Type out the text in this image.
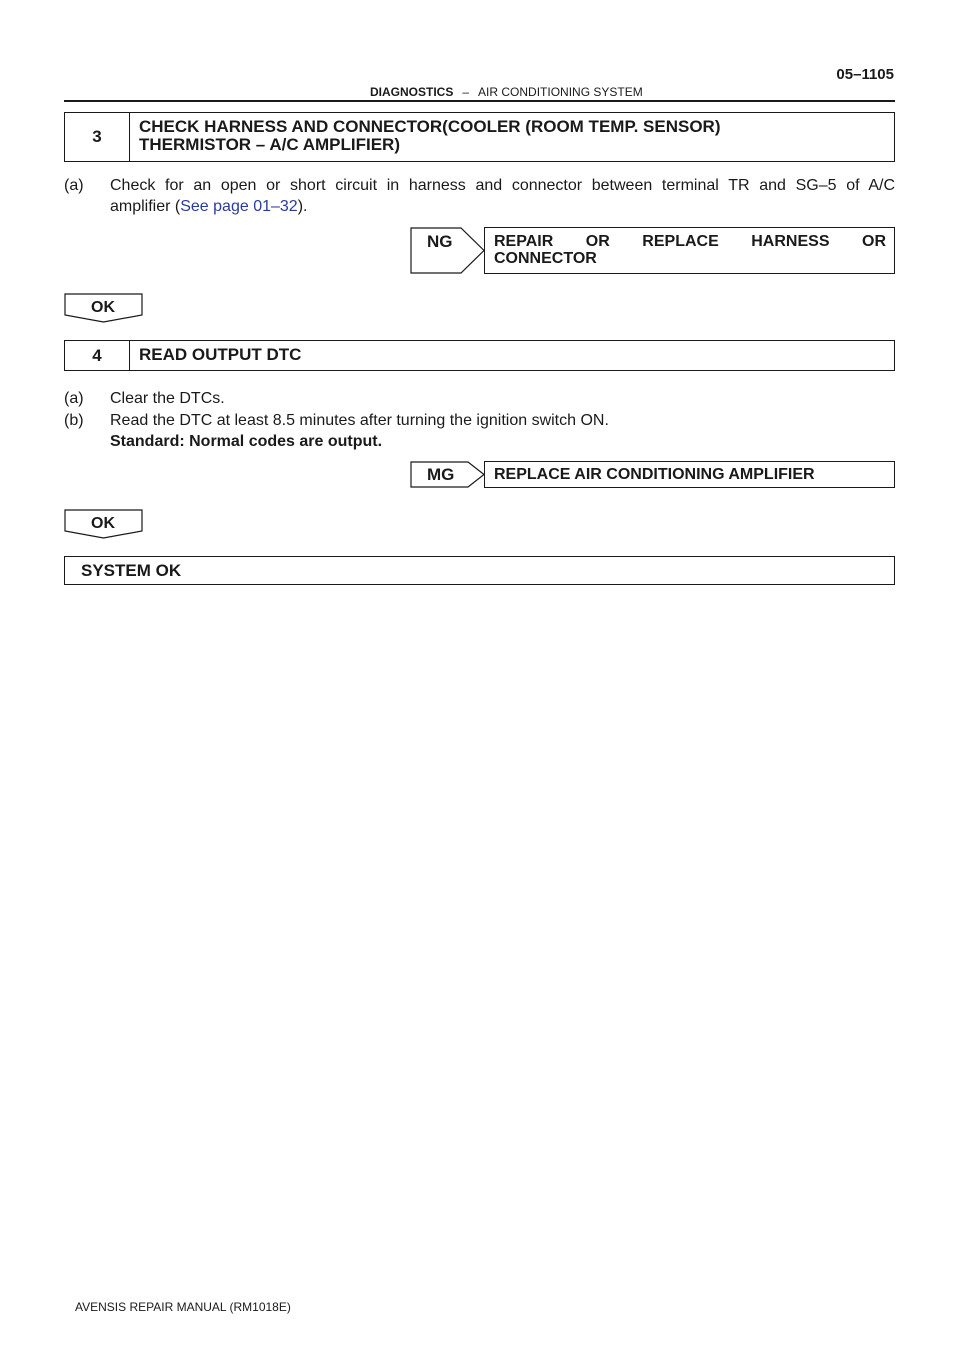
05–1105
DIAGNOSTICS – AIR CONDITIONING SYSTEM
3
CHECK HARNESS AND CONNECTOR(COOLER (ROOM TEMP. SENSOR)
THERMISTOR – A/C AMPLIFIER)
(a) Check for an open or short circuit in harness and connector between terminal TR and SG–5 of A/C
amplifier (See page 01–32).
NG	REPAIR OR REPLACE HARNESS OR
CONNECTOR
OK
4	READ OUTPUT DTC
(a) Clear the DTCs.
(b) Read the DTC at least 8.5 minutes after turning the ignition switch ON.
Standard: Normal codes are output.
MG REPLACE AIR CONDITIONING AMPLIFIER
OK
SYSTEM OK
AVENSIS REPAIR MANUAL (RM1018E)
